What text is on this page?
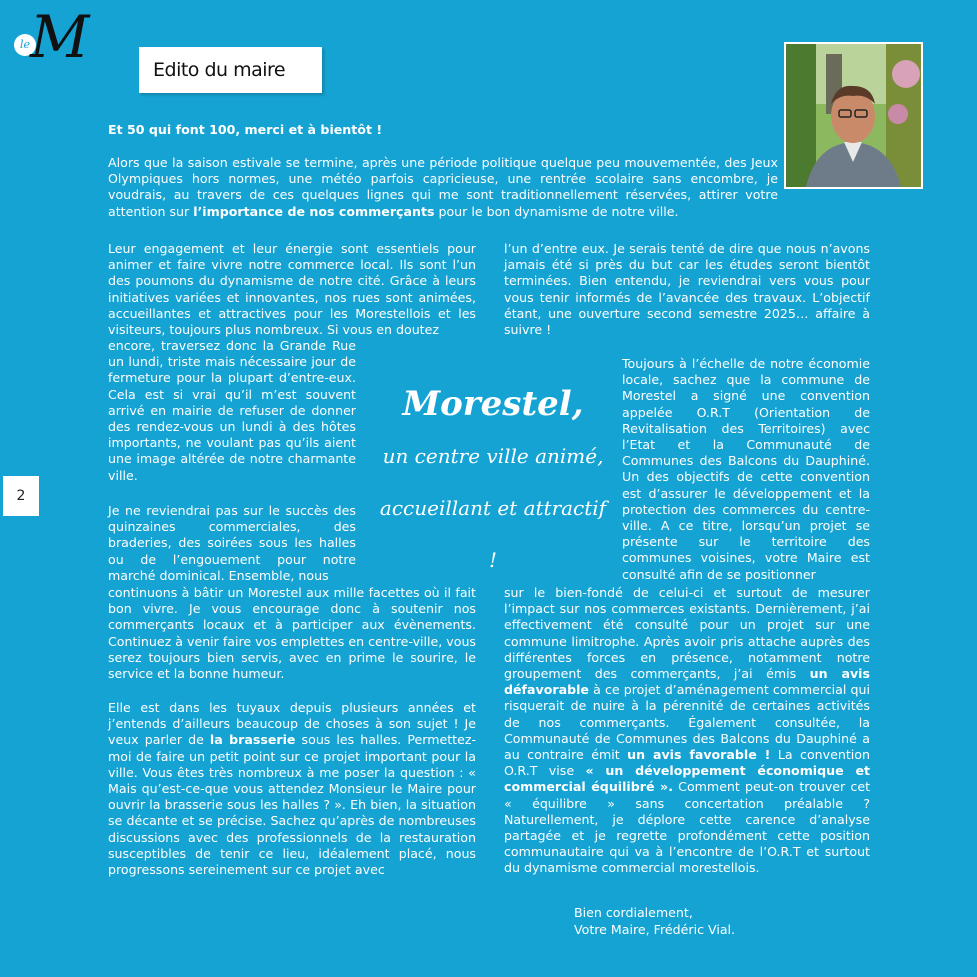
le M	Edito du maire
2

Et 50 qui font 100, merci et à bientôt !

Alors que la saison estivale se termine, après une période politique quelque peu mouvementée, des Jeux Olympiques hors normes, une météo parfois capricieuse, une rentrée scolaire sans encombre, je voudrais, au travers de ces quelques lignes qui me sont traditionnellement réservées, attirer votre attention sur l’importance de nos commerçants pour le bon dynamisme de notre ville.

Leur engagement et leur énergie sont essentiels pour animer et faire vivre notre commerce local. Ils sont l’un des poumons du dynamisme de notre cité. Grâce à leurs initiatives variées et innovantes, nos rues sont animées, accueillantes et attractives pour les Morestellois et les visiteurs, toujours plus nombreux. Si vous en doutez

encore, traversez donc la Grande Rue un lundi, triste mais nécessaire jour de fermeture pour la plupart d’entre-eux. Cela est si vrai qu’il m’est souvent arrivé en mairie de refuser de donner des rendez-vous un lundi à des hôtes importants, ne voulant pas qu’ils aient une image altérée de notre charmante ville.

Je ne reviendrai pas sur le succès des quinzaines commerciales, des braderies, des soirées sous les halles ou de l’engouement pour notre marché dominical. Ensemble, nous

continuons à bâtir un Morestel aux mille facettes où il fait bon vivre. Je vous encourage donc à soutenir nos commerçants locaux et à participer aux évènements. Continuez à venir faire vos emplettes en centre-ville, vous serez toujours bien servis, avec en prime le sourire, le service et la bonne humeur.

Elle est dans les tuyaux depuis plusieurs années et j’entends d’ailleurs beaucoup de choses à son sujet ! Je veux parler de la brasserie sous les halles. Permettez-moi de faire un petit point sur ce projet important pour la ville. Vous êtes très nombreux à me poser la question : « Mais qu’est-ce-que vous attendez Monsieur le Maire pour ouvrir la brasserie sous les halles ? ». Eh bien, la situation se décante et se précise. Sachez qu’après de nombreuses discussions avec des professionnels de la restauration susceptibles de tenir ce lieu, idéalement placé, nous progressons sereinement sur ce projet avec

Morestel,
un centre ville animé,
accueillant et attractif !

l’un d’entre eux. Je serais tenté de dire que nous n’avons jamais été si près du but car les études seront bientôt terminées. Bien entendu, je reviendrai vers vous pour vous tenir informés de l’avancée des travaux. L’objectif étant, une ouverture second semestre 2025… affaire à suivre !

Toujours à l’échelle de notre économie locale, sachez que la commune de Morestel a signé une convention appelée O.R.T (Orientation de Revitalisation des Territoires) avec l’Etat et la Communauté de Communes des Balcons du Dauphiné. Un des objectifs de cette convention est d’assurer le développement et la protection des commerces du centre-ville. A ce titre, lorsqu’un projet se présente sur le territoire des communes voisines, votre Maire est consulté afin de se positionner

sur le bien-fondé de celui-ci et surtout de mesurer l’impact sur nos commerces existants. Dernièrement, j’ai effectivement été consulté pour un projet sur une commune limitrophe. Après avoir pris attache auprès des différentes forces en présence, notamment notre groupement des commerçants, j’ai émis un avis défavorable à ce projet d’aménagement commercial qui risquerait de nuire à la pérennité de certaines activités de nos commerçants. Également consultée, la Communauté de Communes des Balcons du Dauphiné a au contraire émit un avis favorable ! La convention O.R.T vise « un développement économique et commercial équilibré ». Comment peut-on trouver cet « équilibre » sans concertation préalable ? Naturellement, je déplore cette carence d’analyse partagée et je regrette profondément cette position communautaire qui va à l’encontre de l’O.R.T et surtout du dynamisme commercial morestellois.

Bien cordialement,
Votre Maire, Frédéric Vial.
